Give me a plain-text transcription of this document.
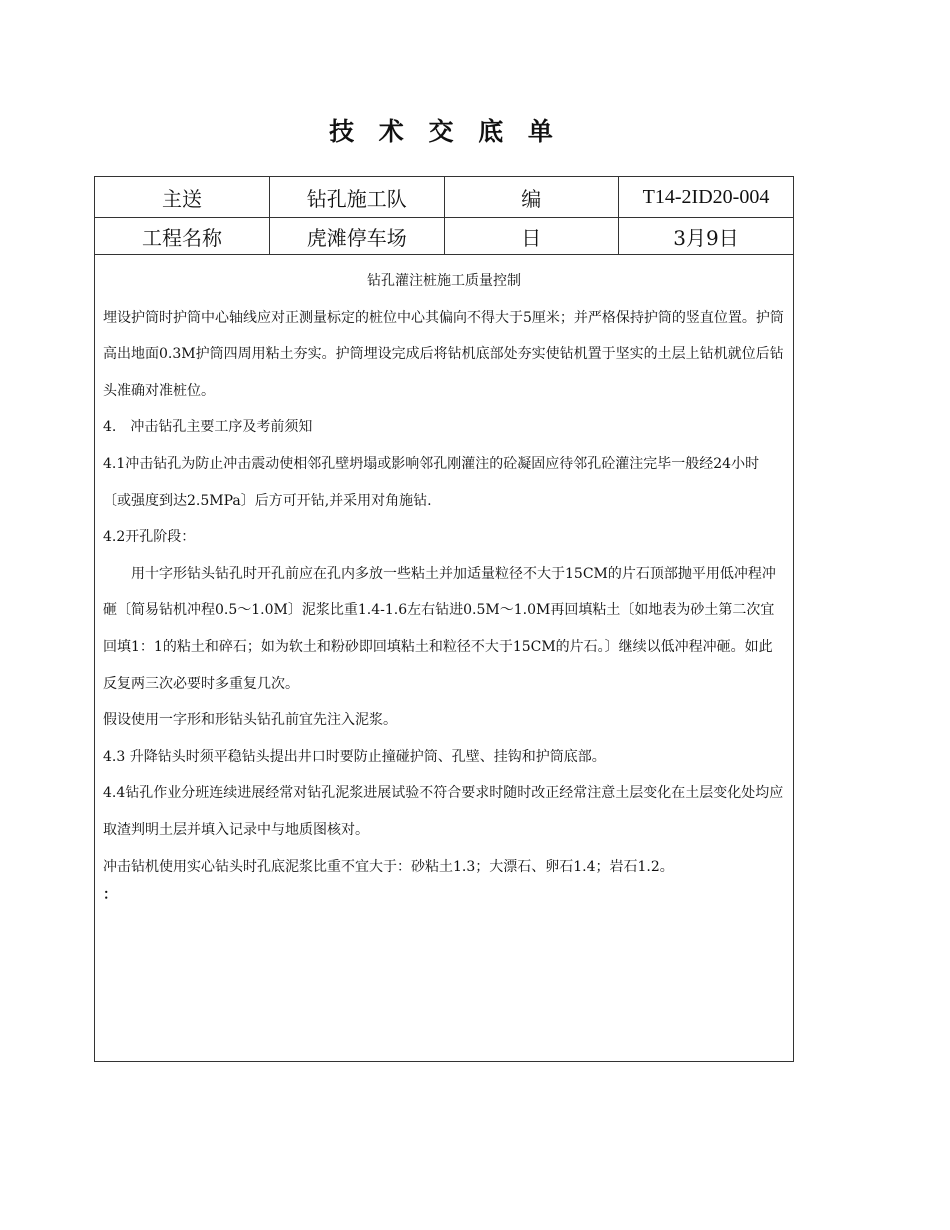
技 术 交 底 单
主送	钻孔施工队	编	T14-2ID20-004
工程名称	虎滩停车场	日	3月9日

钻孔灌注桩施工质量控制

埋设护筒时护筒中心轴线应对正测量标定的桩位中心其偏向不得大于5厘米；并严格保持护筒的竖直位置。护筒高出地面0.3M护筒四周用粘土夯实。护筒埋设完成后将钻机底部处夯实使钻机置于坚实的土层上钻机就位后钻头准确对准桩位。

4.　冲击钻孔主要工序及考前须知

4.1冲击钻孔为防止冲击震动使相邻孔壁坍塌或影响邻孔刚灌注的砼凝固应待邻孔砼灌注完毕一般经24小时〔或强度到达2.5MPa〕后方可开钻,并采用对角施钻.

4.2开孔阶段：

用十字形钻头钻孔时开孔前应在孔内多放一些粘土并加适量粒径不大于15CM的片石顶部抛平用低冲程冲砸〔简易钻机冲程0.5～1.0M〕泥浆比重1.4-1.6左右钻进0.5M～1.0M再回填粘土〔如地表为砂土第二次宜回填1：1的粘土和碎石；如为软土和粉砂即回填粘土和粒径不大于15CM的片石。〕继续以低冲程冲砸。如此反复两三次必要时多重复几次。

假设使用一字形和形钻头钻孔前宜先注入泥浆。

4.3 升降钻头时须平稳钻头提出井口时要防止撞碰护筒、孔壁、挂钩和护筒底部。

4.4钻孔作业分班连续进展经常对钻孔泥浆进展试验不符合要求时随时改正经常注意土层变化在土层变化处均应取渣判明土层并填入记录中与地质图核对。

冲击钻机使用实心钻头时孔底泥浆比重不宜大于：砂粘土1.3；大漂石、卵石1.4；岩石1.2。

：
